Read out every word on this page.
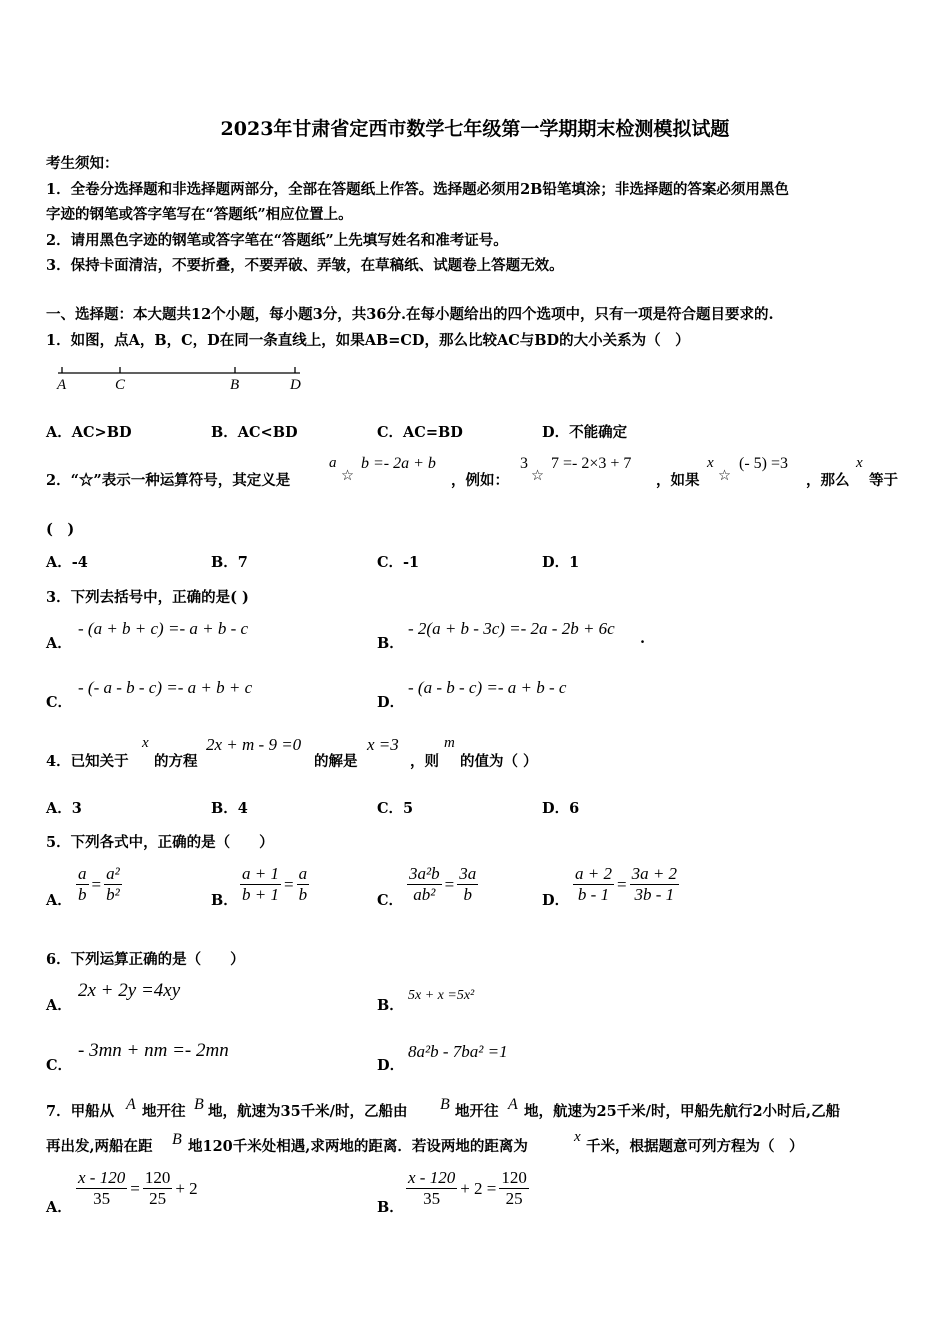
2023年甘肃省定西市数学七年级第一学期期末检测模拟试题
考生须知：
1．全卷分选择题和非选择题两部分，全部在答题纸上作答。选择题必须用2B铅笔填涂；非选择题的答案必须用黑色
字迹的钢笔或答字笔写在“答题纸”相应位置上。
2．请用黑色字迹的钢笔或答字笔在“答题纸”上先填写姓名和准考证号。
3．保持卡面清洁，不要折叠，不要弄破、弄皱，在草稿纸、试题卷上答题无效。
一、选择题：本大题共12个小题，每小题3分，共36分.在每小题给出的四个选项中，只有一项是符合题目要求的.
1．如图，点A，B，C，D在同一条直线上，如果AB=CD，那么比较AC与BD的大小关系为（　）
A	C	B	D
A．AC>BD	B．AC<BD	C．AC=BD	D．不能确定
2．“☆”表示一种运算符号，其定义是
a
☆
b =- 2a + b
，例如：
3
☆
7 =- 2×3 + 7
，如果
x
☆
(- 5) =3
，那么
x
等于
(　)
A．-4	B．7	C．-1	D．1
3．下列去括号中，正确的是( )
A．
- (a + b + c) =- a + b - c
B．
- 2(a + b - 3c) =- 2a - 2b + 6c
.
C．
- (- a - b - c) =- a + b + c
D．
- (a - b - c) =- a + b - c
4．已知关于
x
的方程
2x + m - 9 =0
的解是
x =3
，则
m
的值为（ ）
A．3	B．4	C．5	D．6
5．下列各式中，正确的是（　　）
A． $\frac{a}{b} = \frac{\text{a²}}{\text{b²}}$	B． $\frac{a + 1}{b + 1} = \frac{a}{b}$	C． $\frac{\text{3a²b}}{\text{ab²}} = \frac{3a}{b}$	D． $\frac{a + 2}{b - 1} = \frac{3a + 2}{3b - 1}$
6．下列运算正确的是（　　）
A．
2x + 2y =4xy
B．
5x + x =5x²
C．
- 3mn + nm =- 2mn
D．
8a²b - 7ba² =1
7．甲船从 A 地开往 B 地，航速为35千米/时，乙船由 B 地开往 A 地，航速为25千米/时，甲船先航行2小时后,乙船
再出发,两船在距 B 地120千米处相遇,求两地的距离．若设两地的距离为
x
千米，根据题意可列方程为（　）
A． $\frac{x - 120}{35} = \frac{120}{25} + 2$
B． $\frac{x - 120}{35} + 2 = \frac{120}{25}$
